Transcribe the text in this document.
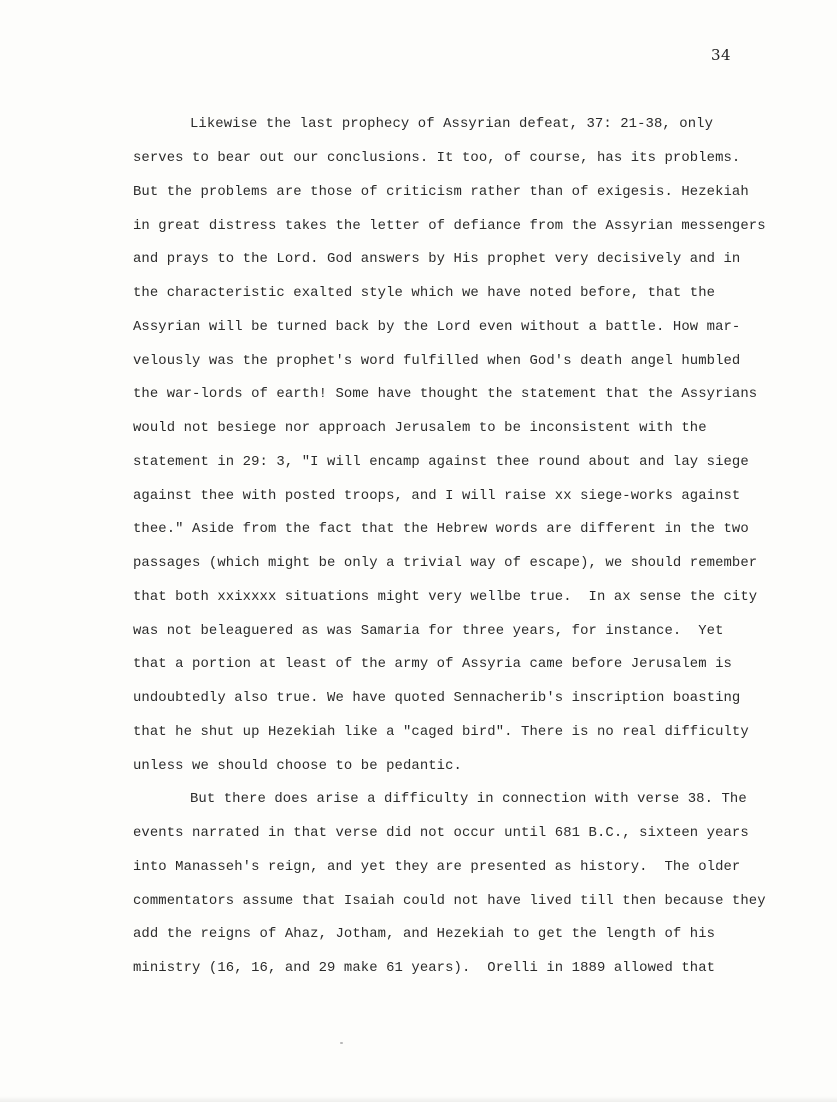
34
Likewise the last prophecy of Assyrian defeat, 37: 21-38, only
serves to bear out our conclusions. It too, of course, has its problems.
But the problems are those of criticism rather than of exigesis. Hezekiah
in great distress takes the letter of defiance from the Assyrian messengers
and prays to the Lord. God answers by His prophet very decisively and in
the characteristic exalted style which we have noted before, that the
Assyrian will be turned back by the Lord even without a battle. How mar-
velously was the prophet's word fulfilled when God's death angel humbled
the war-lords of earth! Some have thought the statement that the Assyrians
would not besiege nor approach Jerusalem to be inconsistent with the
statement in 29: 3, "I will encamp against thee round about and lay siege
against thee with posted troops, and I will raise xx siege-works against
thee." Aside from the fact that the Hebrew words are different in the two
passages (which might be only a trivial way of escape), we should remember
that both xxixxxx situations might very wellbe true.  In ax sense the city
was not beleaguered as was Samaria for three years, for instance.  Yet
that a portion at least of the army of Assyria came before Jerusalem is
undoubtedly also true. We have quoted Sennacherib's inscription boasting
that he shut up Hezekiah like a "caged bird". There is no real difficulty
unless we should choose to be pedantic.
But there does arise a difficulty in connection with verse 38. The
events narrated in that verse did not occur until 681 B.C., sixteen years
into Manasseh's reign, and yet they are presented as history.  The older
commentators assume that Isaiah could not have lived till then because they
add the reigns of Ahaz, Jotham, and Hezekiah to get the length of his
ministry (16, 16, and 29 make 61 years).  Orelli in 1889 allowed that
